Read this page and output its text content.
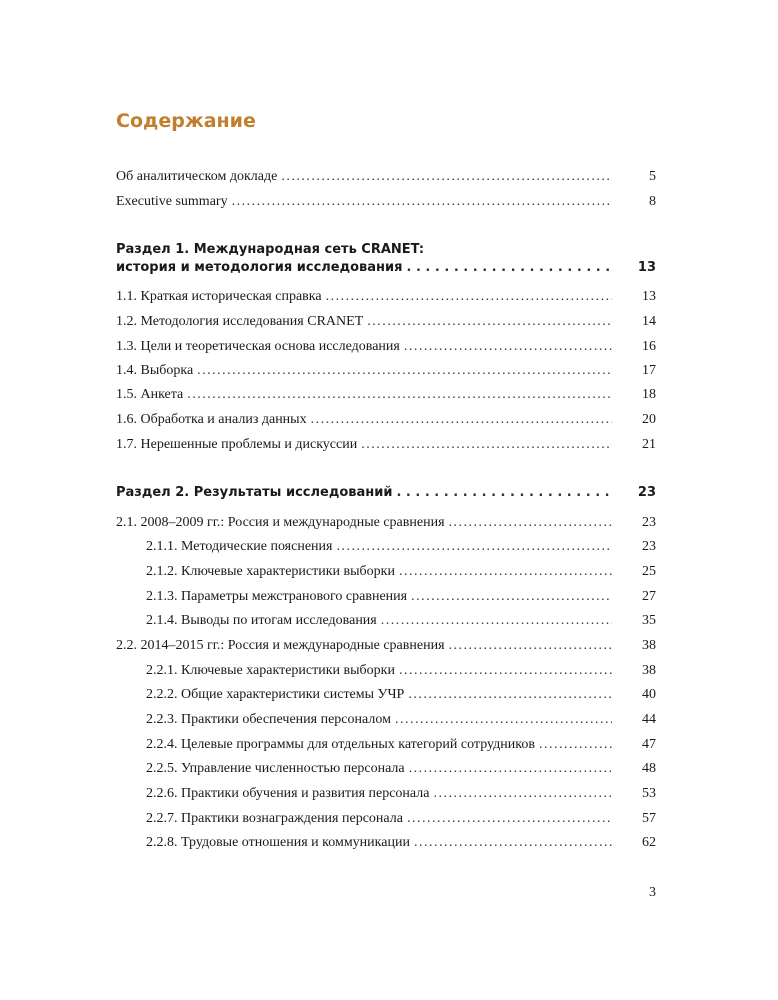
Содержание
Об аналитическом докладе . . .	5
Executive summary . . .	8
Раздел 1. Международная сеть CRANET:
история и методология исследования . . .	13
1.1. Краткая историческая справка . . .	13
1.2. Методология исследования CRANET . . .	14
1.3. Цели и теоретическая основа исследования . . .	16
1.4. Выборка . . .	17
1.5. Анкета . . .	18
1.6. Обработка и анализ данных . . .	20
1.7. Нерешенные проблемы и дискуссии . . .	21
Раздел 2. Результаты исследований . . .	23
2.1. 2008–2009 гг.: Россия и международные сравнения . . .	23
2.1.1. Методические пояснения . . .	23
2.1.2. Ключевые характеристики выборки . . .	25
2.1.3. Параметры межстранового сравнения . . .	27
2.1.4. Выводы по итогам исследования . . .	35
2.2. 2014–2015 гг.: Россия и международные сравнения . . .	38
2.2.1. Ключевые характеристики выборки . . .	38
2.2.2. Общие характеристики системы УЧР . . .	40
2.2.3. Практики обеспечения персоналом . . .	44
2.2.4. Целевые программы для отдельных категорий сотрудников . . .	47
2.2.5. Управление численностью персонала . . .	48
2.2.6. Практики обучения и развития персонала . . .	53
2.2.7. Практики вознаграждения персонала . . .	57
2.2.8. Трудовые отношения и коммуникации . . .	62
3
